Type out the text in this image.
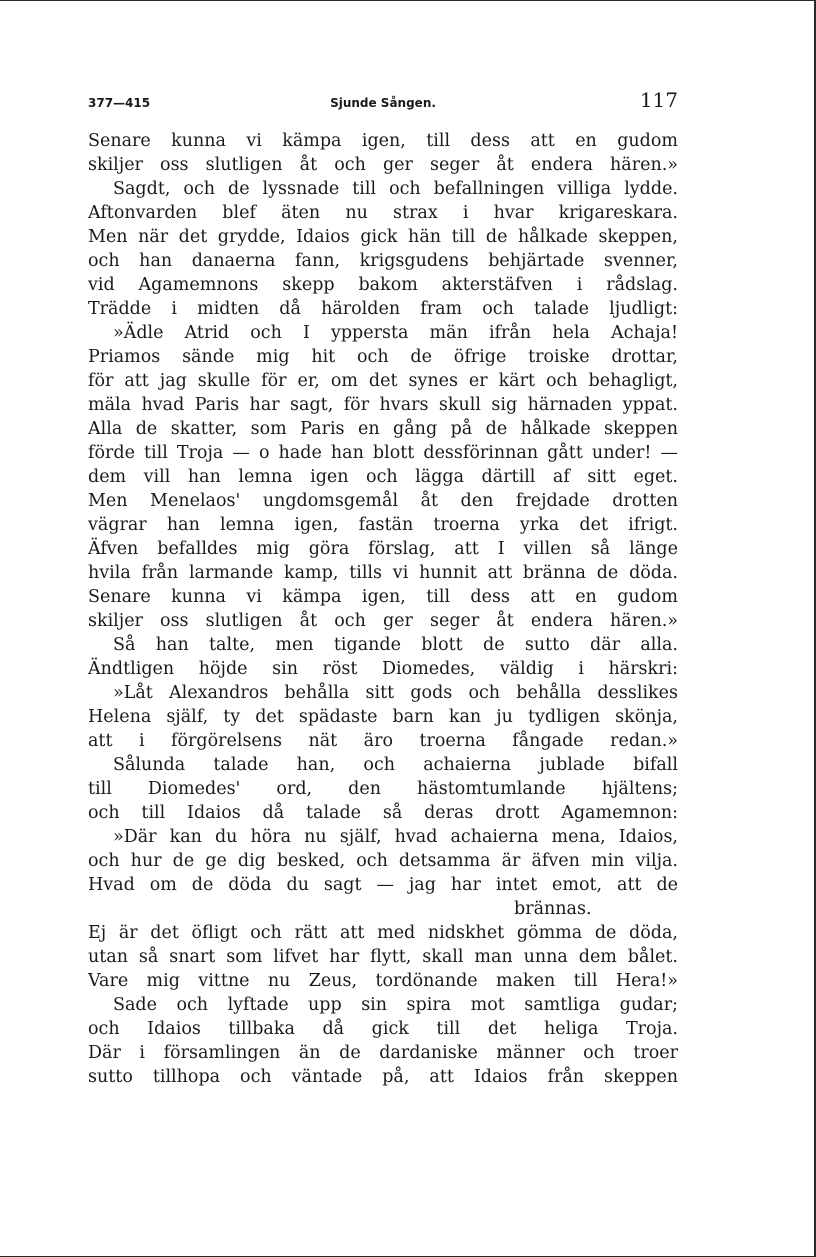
377—415	Sjunde Sången.	117
Senare kunna vi kämpa igen, till dess att en gudom
skiljer oss slutligen åt och ger seger åt endera hären.»
Sagdt, och de lyssnade till och befallningen villiga lydde.
Aftonvarden blef äten nu strax i hvar krigareskara.
Men när det grydde, Idaios gick hän till de hålkade skeppen,
och han danaerna fann, krigsgudens behjärtade svenner,
vid Agamemnons skepp bakom akterstäfven i rådslag.
Trädde i midten då härolden fram och talade ljudligt:
»Ädle Atrid och I yppersta män ifrån hela Achaja!
Priamos sände mig hit och de öfrige troiske drottar,
för att jag skulle för er, om det synes er kärt och behagligt,
mäla hvad Paris har sagt, för hvars skull sig härnaden yppat.
Alla de skatter, som Paris en gång på de hålkade skeppen
förde till Troja — o hade han blott dessförinnan gått under! —
dem vill han lemna igen och lägga därtill af sitt eget.
Men Menelaos' ungdomsgemål åt den frejdade drotten
vägrar han lemna igen, fastän troerna yrka det ifrigt.
Äfven befalldes mig göra förslag, att I villen så länge
hvila från larmande kamp, tills vi hunnit att bränna de döda.
Senare kunna vi kämpa igen, till dess att en gudom
skiljer oss slutligen åt och ger seger åt endera hären.»
Så han talte, men tigande blott de sutto där alla.
Ändtligen höjde sin röst Diomedes, väldig i härskri:
»Låt Alexandros behålla sitt gods och behålla desslikes
Helena själf, ty det spädaste barn kan ju tydligen skönja,
att i förgörelsens nät äro troerna fångade redan.»
Sålunda talade han, och achaierna jublade bifall
till Diomedes' ord, den hästomtumlande hjältens;
och till Idaios då talade så deras drott Agamemnon:
»Där kan du höra nu själf, hvad achaierna mena, Idaios,
och hur de ge dig besked, och detsamma är äfven min vilja.
Hvad om de döda du sagt — jag har intet emot, att de
brännas.
Ej är det öfligt och rätt att med nidskhet gömma de döda,
utan så snart som lifvet har flytt, skall man unna dem bålet.
Vare mig vittne nu Zeus, tordönande maken till Hera!»
Sade och lyftade upp sin spira mot samtliga gudar;
och Idaios tillbaka då gick till det heliga Troja.
Där i församlingen än de dardaniske männer och troer
sutto tillhopa och väntade på, att Idaios från skeppen
